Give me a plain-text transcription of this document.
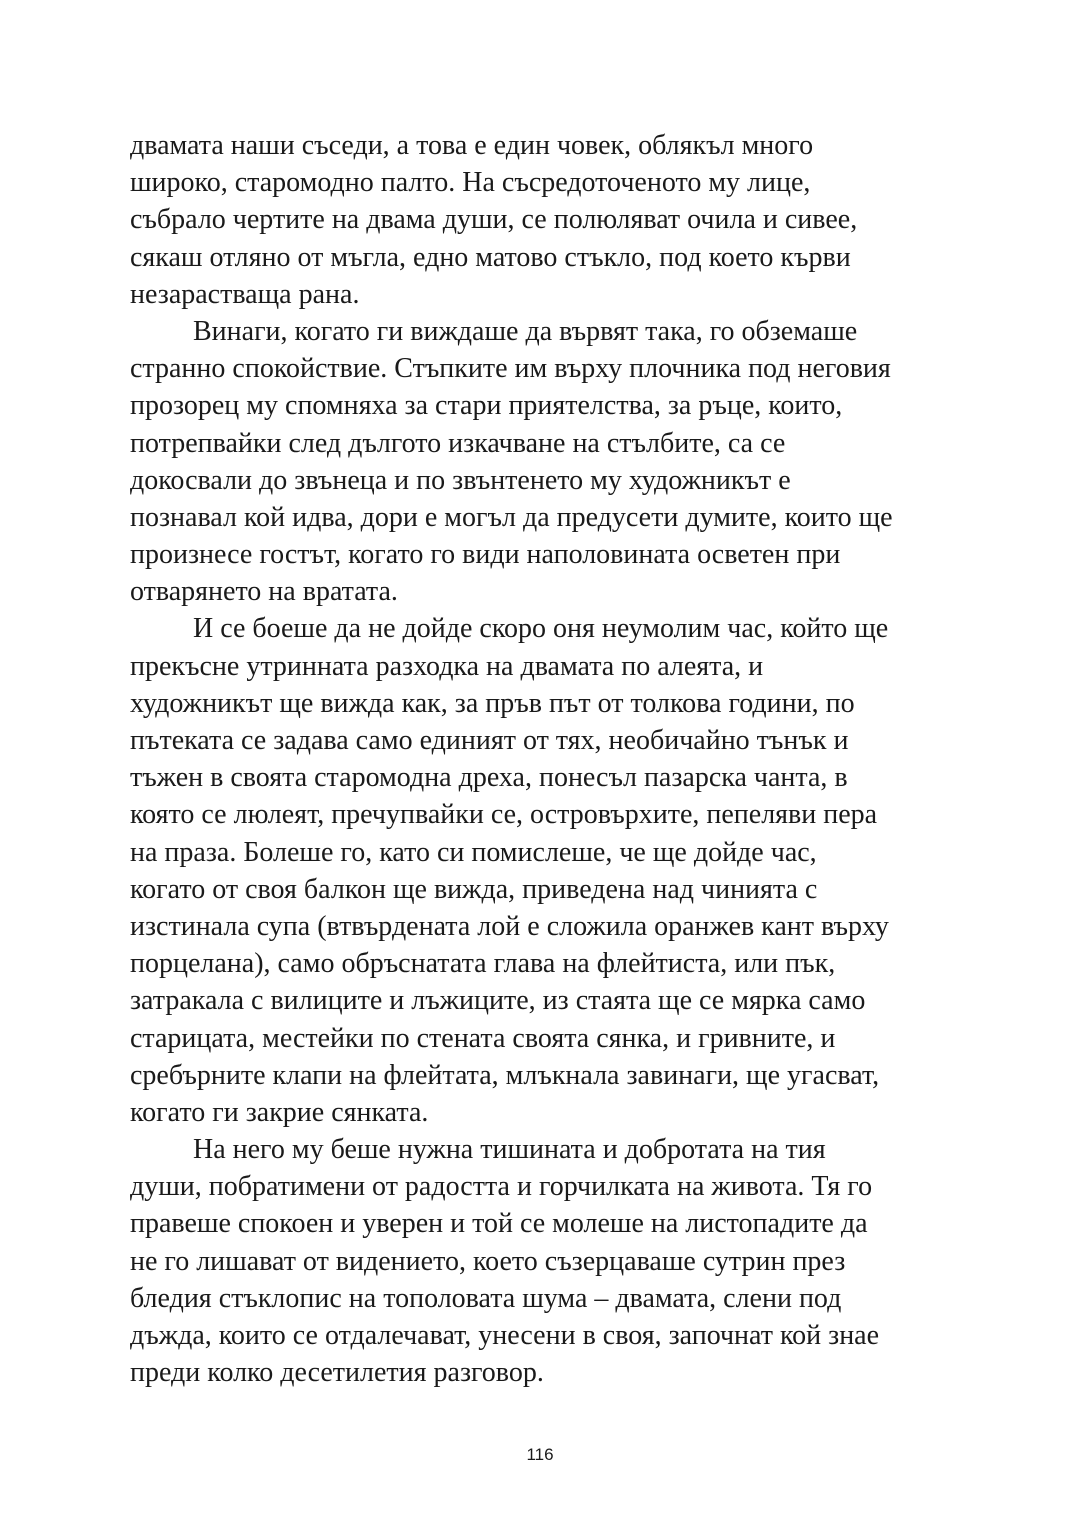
двамата наши съседи, а това е един човек, облякъл много
широко, старомодно палто. На съсредоточеното му лице,
събрало чертите на двама души, се полюляват очила и сивее,
сякаш отляно от мъгла, едно матово стъкло, под което кърви
незарастваща рана.
Винаги, когато ги виждаше да вървят така, го обземаше
странно спокойствие. Стъпките им върху плочника под неговия
прозорец му спомняха за стари приятелства, за ръце, които,
потрепвайки след дългото изкачване на стълбите, са се
докосвали до звънеца и по звънтенето му художникът е
познавал кой идва, дори е могъл да предусети думите, които ще
произнесе гостът, когато го види наполовината осветен при
отварянето на вратата.
И се боеше да не дойде скоро оня неумолим час, който ще
прекъсне утринната разходка на двамата по алеята, и
художникът ще вижда как, за пръв път от толкова години, по
пътеката се задава само единият от тях, необичайно тънък и
тъжен в своята старомодна дреха, понесъл пазарска чанта, в
която се люлеят, пречупвайки се, островърхите, пепеляви пера
на праза. Болеше го, като си помислеше, че ще дойде час,
когато от своя балкон ще вижда, приведена над чинията с
изстинала супа (втвърдената лой е сложила оранжев кант върху
порцелана), само обръснатата глава на флейтиста, или пък,
затракала с вилиците и лъжиците, из стаята ще се мярка само
старицата, местейки по стената своята сянка, и гривните, и
сребърните клапи на флейтата, млъкнала завинаги, ще угасват,
когато ги закрие сянката.
На него му беше нужна тишината и добротата на тия
души, побратимени от радостта и горчилката на живота. Тя го
правеше спокоен и уверен и той се молеше на листопадите да
не го лишават от видението, което съзерцаваше сутрин през
бледия стъклопис на тополовата шума – двамата, слени под
дъжда, които се отдалечават, унесени в своя, започнат кой знае
преди колко десетилетия разговор.
116
